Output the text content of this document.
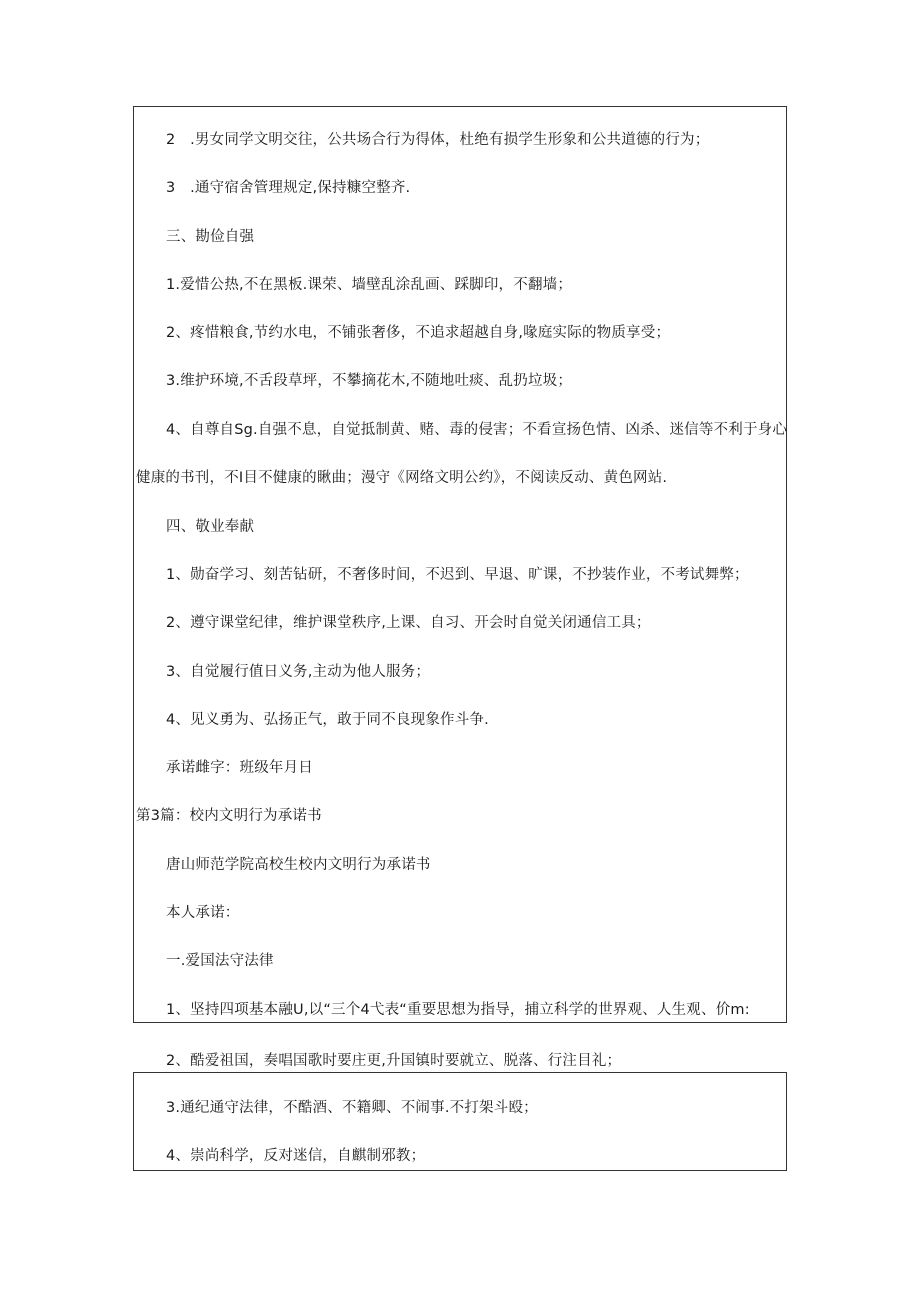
2　.男女同学文明交往，公共场合行为得体，杜绝有损学生形象和公共道德的行为；
3　.通守宿舍管理规定,保持糠空整齐.
三、勘俭自强
1.爱惜公热,不在黑板.课荣、墙壁乱涂乱画、踩脚印，不翻墙；
2、疼惜粮食,节约水电，不铺张奢侈，不追求超越自身,喙庭实际的物质享受；
3.维护环境,不舌段草坪，不攀摘花木,不随地吐痰、乱扔垃圾；
4、自尊自Sg.自强不息，自觉抵制黄、赌、毒的侵害；不看宣扬色情、凶杀、迷信等不利于身心
健康的书刊，不I目不健康的瞅曲；漫守《网络文明公约》，不阅读反动、黄色网站.
四、敬业奉献
1、勋奋学习、刻苦钻研，不奢侈时间，不迟到、早退、旷课，不抄装作业，不考试舞弊；
2、遵守课堂纪律，维护课堂秩序,上课、自习、开会时自觉关闭通信工具；
3、自觉履行值日义务,主动为他人服务；
4、见义勇为、弘扬正气，敢于同不良现象作斗争.
承诺雌字：班级年月日
第3篇：校内文明行为承诺书
唐山师范学院高校生校内文明行为承诺书
本人承诺：
一.爱国法守法律
1、坚持四项基本融U,以“三个4弋表“重要思想为指导，捕立科学的世界观、人生观、价m:
2、酷爱祖国，奏唱国歌时要庄更,升国镇时要就立、脱落、行注目礼；
3.通纪通守法律，不酷酒、不籍卿、不闹事.不打架斗殴；
4、崇尚科学，反对迷信，自麒制邪教；
